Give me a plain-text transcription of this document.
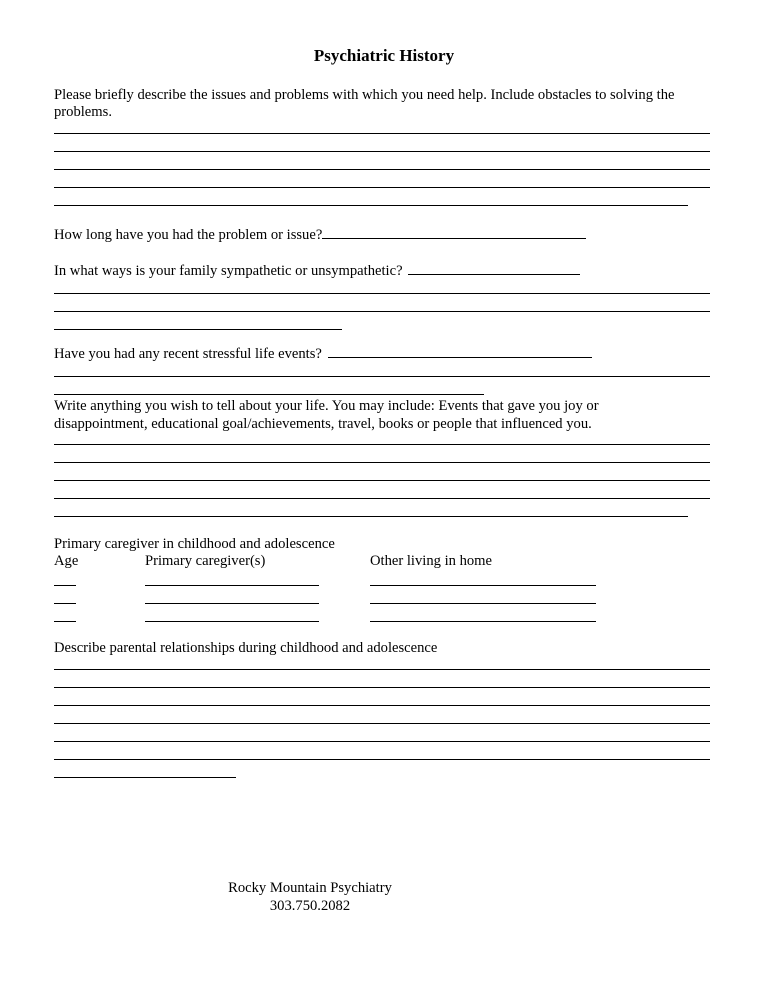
Psychiatric History
Please briefly describe the issues and problems with which you need help. Include obstacles to solving the
problems.
How long have you had the problem or issue?
In what ways is your family sympathetic or unsympathetic?
Have you had any recent stressful life events?
Write anything you wish to tell about your life. You may include: Events that gave you joy or
disappointment, educational goal/achievements, travel, books or people that influenced you.
Primary caregiver in childhood and adolescence
Age	Primary caregiver(s)	Other living in home
Describe parental relationships during childhood and adolescence
Rocky Mountain Psychiatry
303.750.2082
